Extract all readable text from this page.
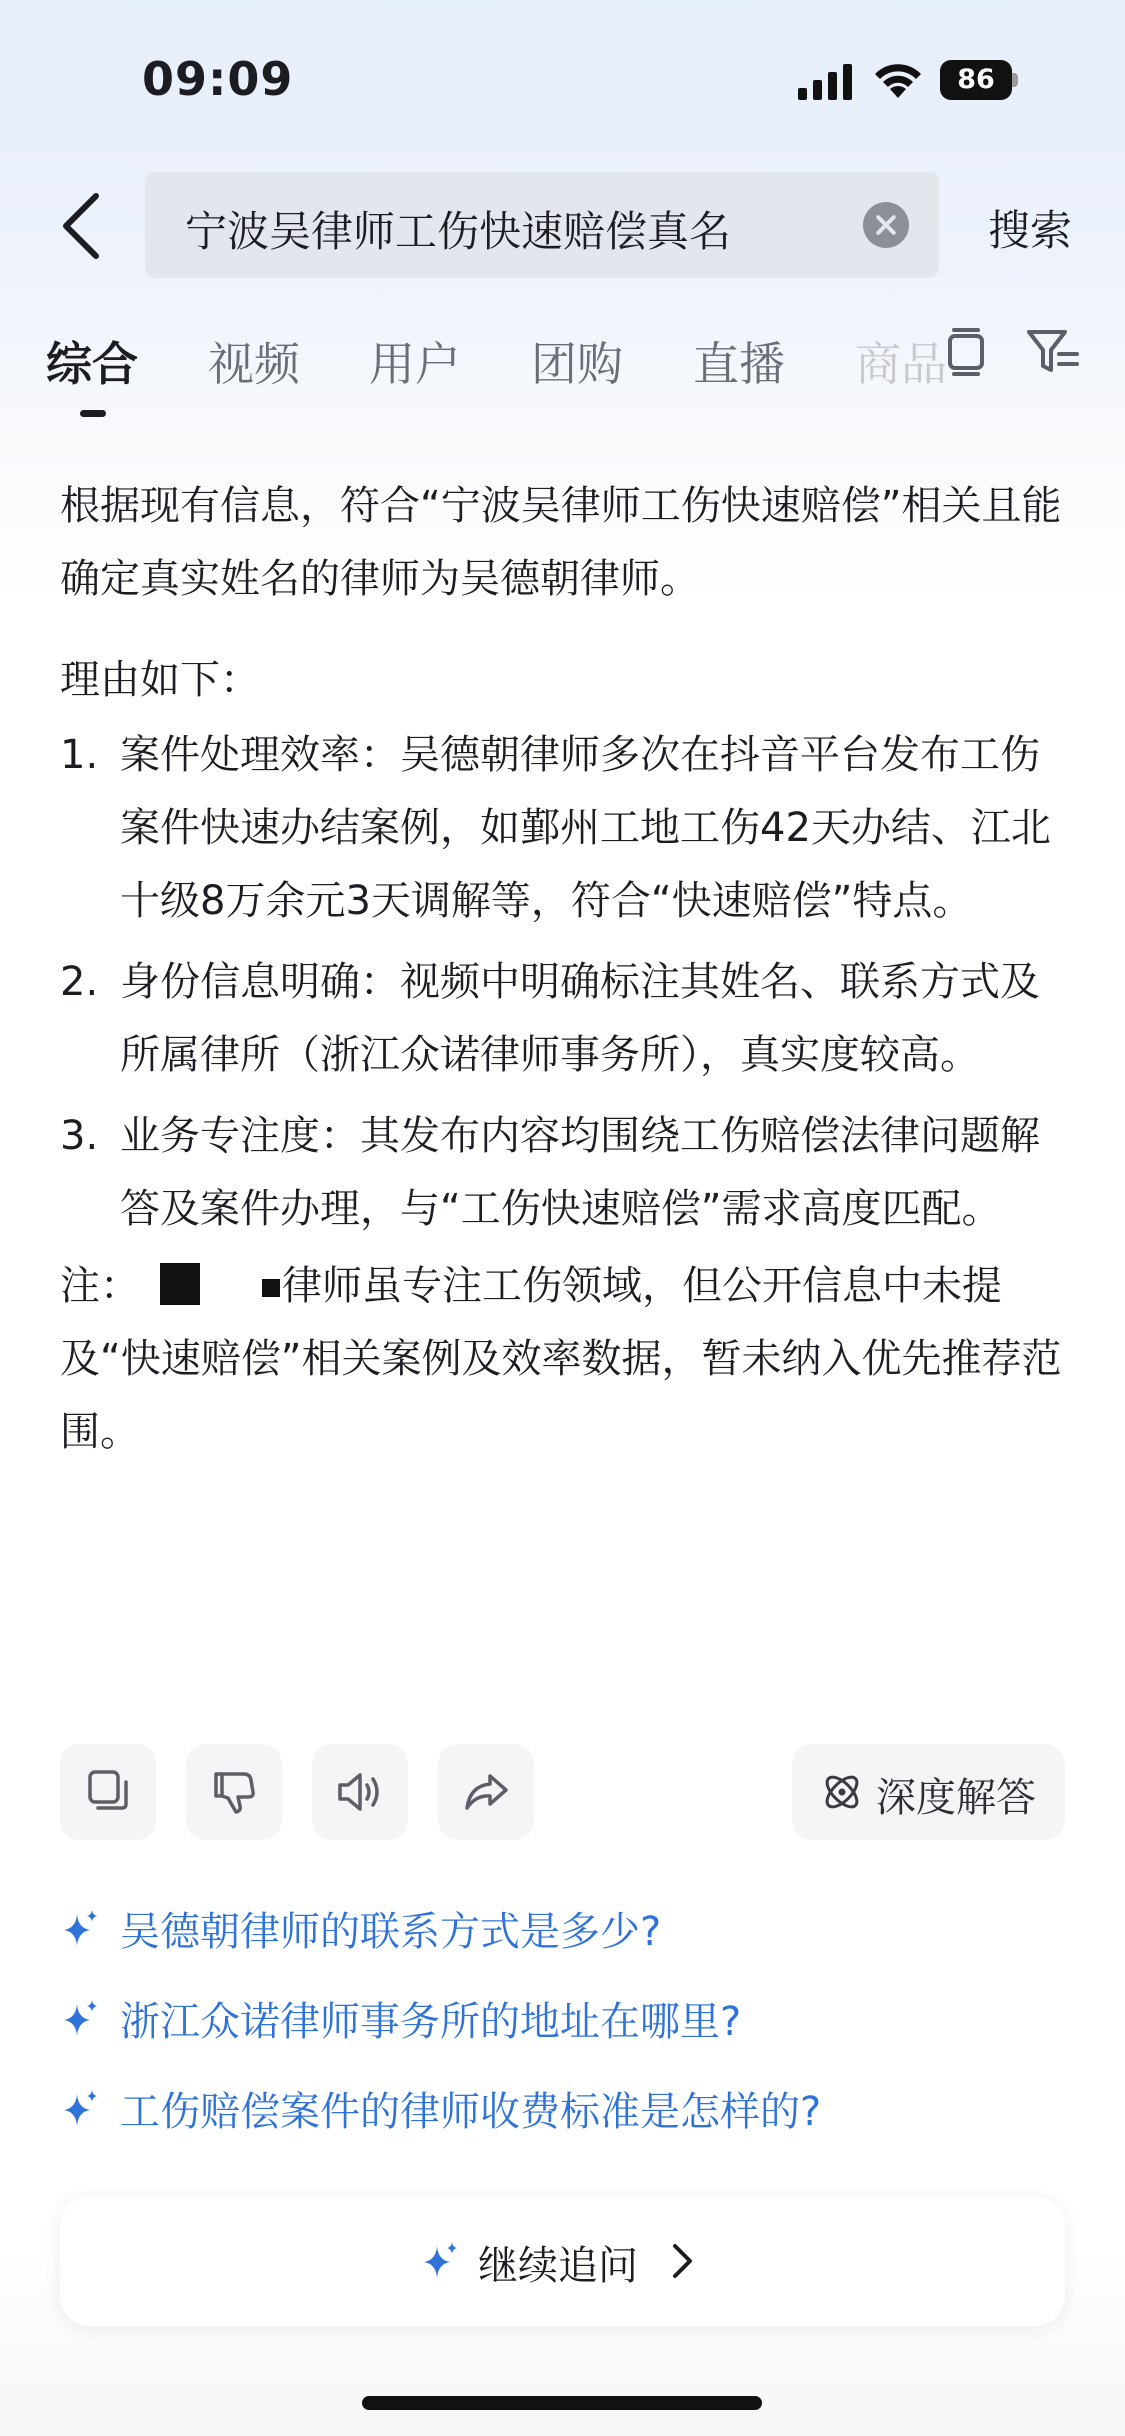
09:09	86
宁波吴律师工伤快速赔偿真名	搜索
综合 视频 用户 团购 直播 商品
根据现有信息，符合“宁波吴律师工伤快速赔偿”相关且能确定真实姓名的律师为吴德朝律师。
理由如下：
1. 案件处理效率：吴德朝律师多次在抖音平台发布工伤案件快速办结案例，如鄞州工地工伤42天办结、江北十级8万余元3天调解等，符合“快速赔偿”特点。
2. 身份信息明确：视频中明确标注其姓名、联系方式及所属律所（浙江众诺律师事务所），真实度较高。
3. 业务专注度：其发布内容均围绕工伤赔偿法律问题解答及案件办理，与“工伤快速赔偿”需求高度匹配。
注：	律师虽专注工伤领域，但公开信息中未提及“快速赔偿”相关案例及效率数据，暂未纳入优先推荐范围。
深度解答
吴德朝律师的联系方式是多少?
浙江众诺律师事务所的地址在哪里?
工伤赔偿案件的律师收费标准是怎样的?
继续追问
